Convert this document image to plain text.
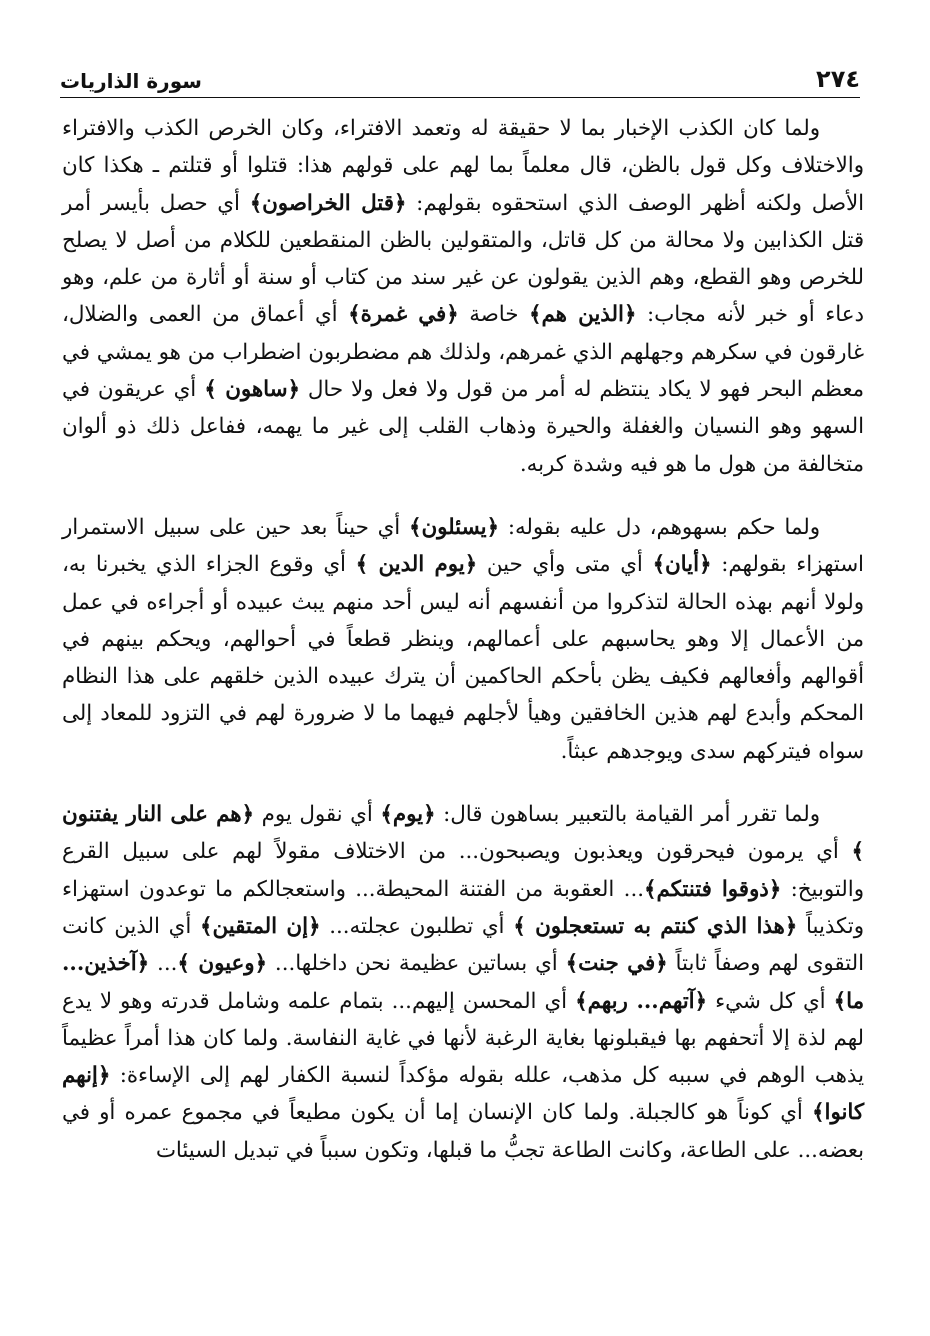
٢٧٤
سورة الذاريات

ولما كان الكذب الإخبار بما لا حقيقة له وتعمد الافتراء، وكان الخرص الكذب والافتراء والاختلاف وكل قول بالظن، قال معلماً بما لهم على قولهم هذا: قتلوا أو قتلتم ـ هكذا كان الأصل ولكنه أظهر الوصف الذي استحقوه بقولهم: ﴿قتل الخراصون﴾ أي حصل بأيسر أمر قتل الكذابين ولا محالة من كل قاتل، والمتقولين بالظن المنقطعين للكلام من أصل لا يصلح للخرص وهو القطع، وهم الذين يقولون عن غير سند من كتاب أو سنة أو أثارة من علم، وهو دعاء أو خبر لأنه مجاب: ﴿الذين هم﴾ خاصة ﴿في غمرة﴾ أي أعماق من العمى والضلال، غارقون في سكرهم وجهلهم الذي غمرهم، ولذلك هم مضطربون اضطراب من هو يمشي في معظم البحر فهو لا يكاد ينتظم له أمر من قول ولا فعل ولا حال ﴿ساهون ﴾ أي عريقون في السهو وهو النسيان والغفلة والحيرة وذهاب القلب إلى غير ما يهمه، ففاعل ذلك ذو ألوان متخالفة من هول ما هو فيه وشدة كربه.

ولما حكم بسهوهم، دل عليه بقوله: ﴿يسئلون﴾ أي حيناً بعد حين على سبيل الاستمرار استهزاء بقولهم: ﴿أيان﴾ أي متى وأي حين ﴿يوم الدين ﴾ أي وقوع الجزاء الذي يخبرنا به، ولولا أنهم بهذه الحالة لتذكروا من أنفسهم أنه ليس أحد منهم يبث عبيده أو أجراءه في عمل من الأعمال إلا وهو يحاسبهم على أعمالهم، وينظر قطعاً في أحوالهم، ويحكم بينهم في أقوالهم وأفعالهم فكيف يظن بأحكم الحاكمين أن يترك عبيده الذين خلقهم على هذا النظام المحكم وأبدع لهم هذين الخافقين وهيأ لأجلهم فيهما ما لا ضرورة لهم في التزود للمعاد إلى سواه فيتركهم سدى ويوجدهم عبثاً.

ولما تقرر أمر القيامة بالتعبير بساهون قال: ﴿يوم﴾ أي نقول يوم ﴿هم على النار يفتنون ﴾ أي يرمون فيحرقون ويعذبون ويصبحون... من الاختلاف مقولاً لهم على سبيل القرع والتوبيخ: ﴿ذوقوا فتنتكم﴾... العقوبة من الفتنة المحيطة... واستعجالكم ما توعدون استهزاء وتكذيباً ﴿هذا الذي كنتم به تستعجلون ﴾ أي تطلبون عجلته... ﴿إن المتقين﴾ أي الذين كانت التقوى لهم وصفاً ثابتاً ﴿في جنت﴾ أي بساتين عظيمة نحن داخلها... ﴿وعيون ﴾... ﴿آخذين... ما﴾ أي كل شيء ﴿آتهم... ربهم﴾ أي المحسن إليهم... بتمام علمه وشامل قدرته وهو لا يدع لهم لذة إلا أتحفهم بها فيقبلونها بغاية الرغبة لأنها في غاية النفاسة. ولما كان هذا أمراً عظيماً يذهب الوهم في سببه كل مذهب، علله بقوله مؤكداً لنسبة الكفار لهم إلى الإساءة: ﴿إنهم كانوا﴾ أي كوناً هو كالجبلة. ولما كان الإنسان إما أن يكون مطيعاً في مجموع عمره أو في بعضه... على الطاعة، وكانت الطاعة تجبُّ ما قبلها، وتكون سبباً في تبديل السيئات
